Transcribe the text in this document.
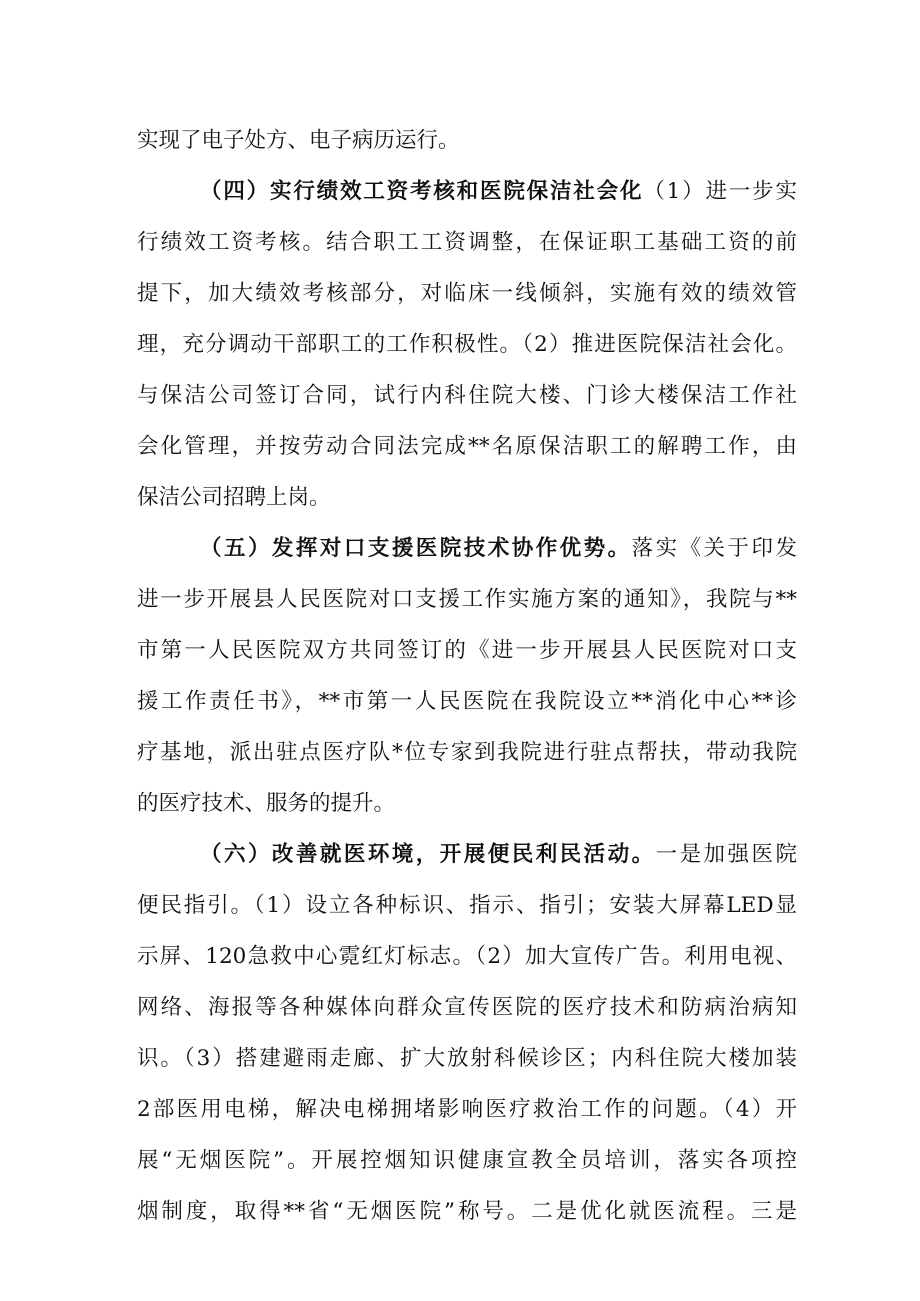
实现了电子处方、电子病历运行。
（四）实行绩效工资考核和医院保洁社会化（1）进一步实
行绩效工资考核。结合职工工资调整，在保证职工基础工资的前
提下，加大绩效考核部分，对临床一线倾斜，实施有效的绩效管
理，充分调动干部职工的工作积极性。（2）推进医院保洁社会化。
与保洁公司签订合同，试行内科住院大楼、门诊大楼保洁工作社
会化管理，并按劳动合同法完成**名原保洁职工的解聘工作，由
保洁公司招聘上岗。
（五）发挥对口支援医院技术协作优势。落实《关于印发
进一步开展县人民医院对口支援工作实施方案的通知》，我院与**
市第一人民医院双方共同签订的《进一步开展县人民医院对口支
援工作责任书》，**市第一人民医院在我院设立**消化中心**诊
疗基地，派出驻点医疗队*位专家到我院进行驻点帮扶，带动我院
的医疗技术、服务的提升。
（六）改善就医环境，开展便民利民活动。一是加强医院
便民指引。（1）设立各种标识、指示、指引；安装大屏幕LED显
示屏、120急救中心霓红灯标志。（2）加大宣传广告。利用电视、
网络、海报等各种媒体向群众宣传医院的医疗技术和防病治病知
识。（3）搭建避雨走廊、扩大放射科候诊区；内科住院大楼加装
2部医用电梯，解决电梯拥堵影响医疗救治工作的问题。（4）开
展“无烟医院”。开展控烟知识健康宣教全员培训，落实各项控
烟制度，取得**省“无烟医院”称号。二是优化就医流程。三是
